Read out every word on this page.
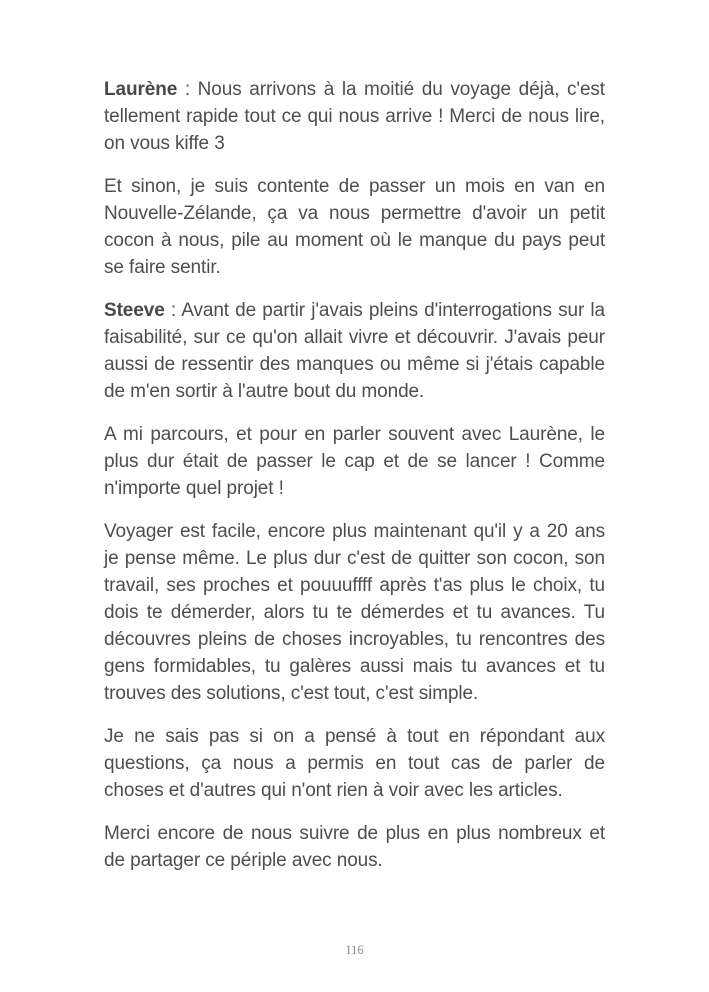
Laurène : Nous arrivons à la moitié du voyage déjà, c'est tellement rapide tout ce qui nous arrive ! Merci de nous lire, on vous kiffe 3

Et sinon, je suis contente de passer un mois en van en Nouvelle-Zélande, ça va nous permettre d'avoir un petit cocon à nous, pile au moment où le manque du pays peut se faire sentir.

Steeve : Avant de partir j'avais pleins d'interrogations sur la faisabilité, sur ce qu'on allait vivre et découvrir. J'avais peur aussi de ressentir des manques ou même si j'étais capable de m'en sortir à l'autre bout du monde.

A mi parcours, et pour en parler souvent avec Laurène, le plus dur était de passer le cap et de se lancer ! Comme n'importe quel projet !

Voyager est facile, encore plus maintenant qu'il y a 20 ans je pense même. Le plus dur c'est de quitter son cocon, son travail, ses proches et pouuuffff après t'as plus le choix, tu dois te démerder, alors tu te démerdes et tu avances. Tu découvres pleins de choses incroyables, tu rencontres des gens formidables, tu galères aussi mais tu avances et tu trouves des solutions, c'est tout, c'est simple.

Je ne sais pas si on a pensé à tout en répondant aux questions, ça nous a permis en tout cas de parler de choses et d'autres qui n'ont rien à voir avec les articles.

Merci encore de nous suivre de plus en plus nombreux et de partager ce périple avec nous.

116
